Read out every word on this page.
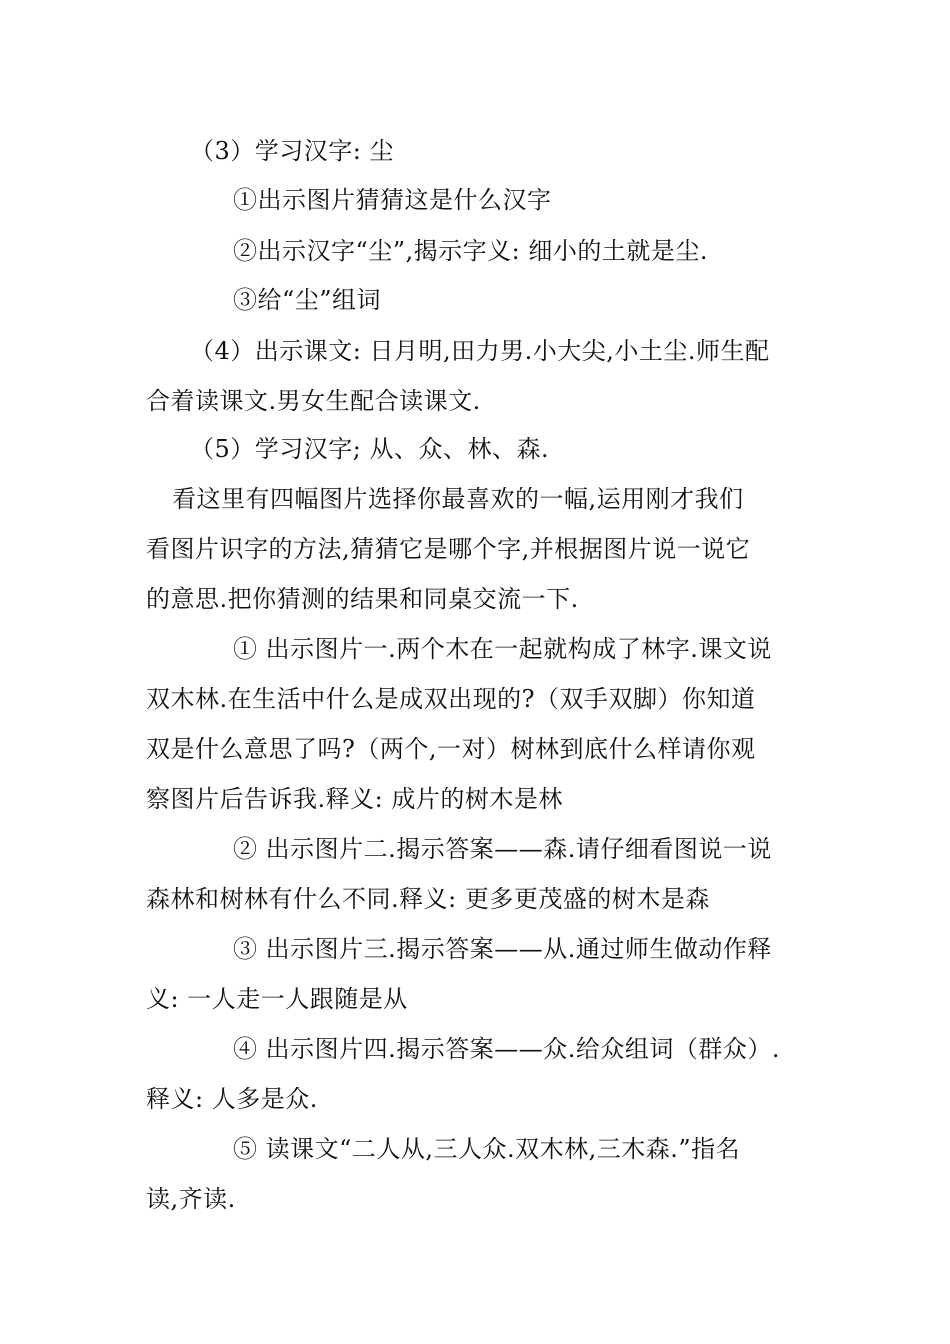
（3）学习汉字: 尘
①出示图片猜猜这是什么汉字
②出示汉字“尘”,揭示字义: 细小的土就是尘.
③给“尘”组词
（4）出示课文: 日月明,田力男.小大尖,小土尘.师生配
合着读课文.男女生配合读课文.
（5）学习汉字; 从、众、林、森.
看这里有四幅图片选择你最喜欢的一幅,运用刚才我们
看图片识字的方法,猜猜它是哪个字,并根据图片说一说它
的意思.把你猜测的结果和同桌交流一下.
① 出示图片一.两个木在一起就构成了林字.课文说
双木林.在生活中什么是成双出现的?（双手双脚）你知道
双是什么意思了吗?（两个,一对）树林到底什么样请你观
察图片后告诉我.释义: 成片的树木是林
② 出示图片二.揭示答案——森.请仔细看图说一说
森林和树林有什么不同.释义: 更多更茂盛的树木是森
③ 出示图片三.揭示答案——从.通过师生做动作释
义: 一人走一人跟随是从
④ 出示图片四.揭示答案——众.给众组词（群众）.
释义: 人多是众.
⑤ 读课文“二人从,三人众.双木林,三木森.”指名
读,齐读.
